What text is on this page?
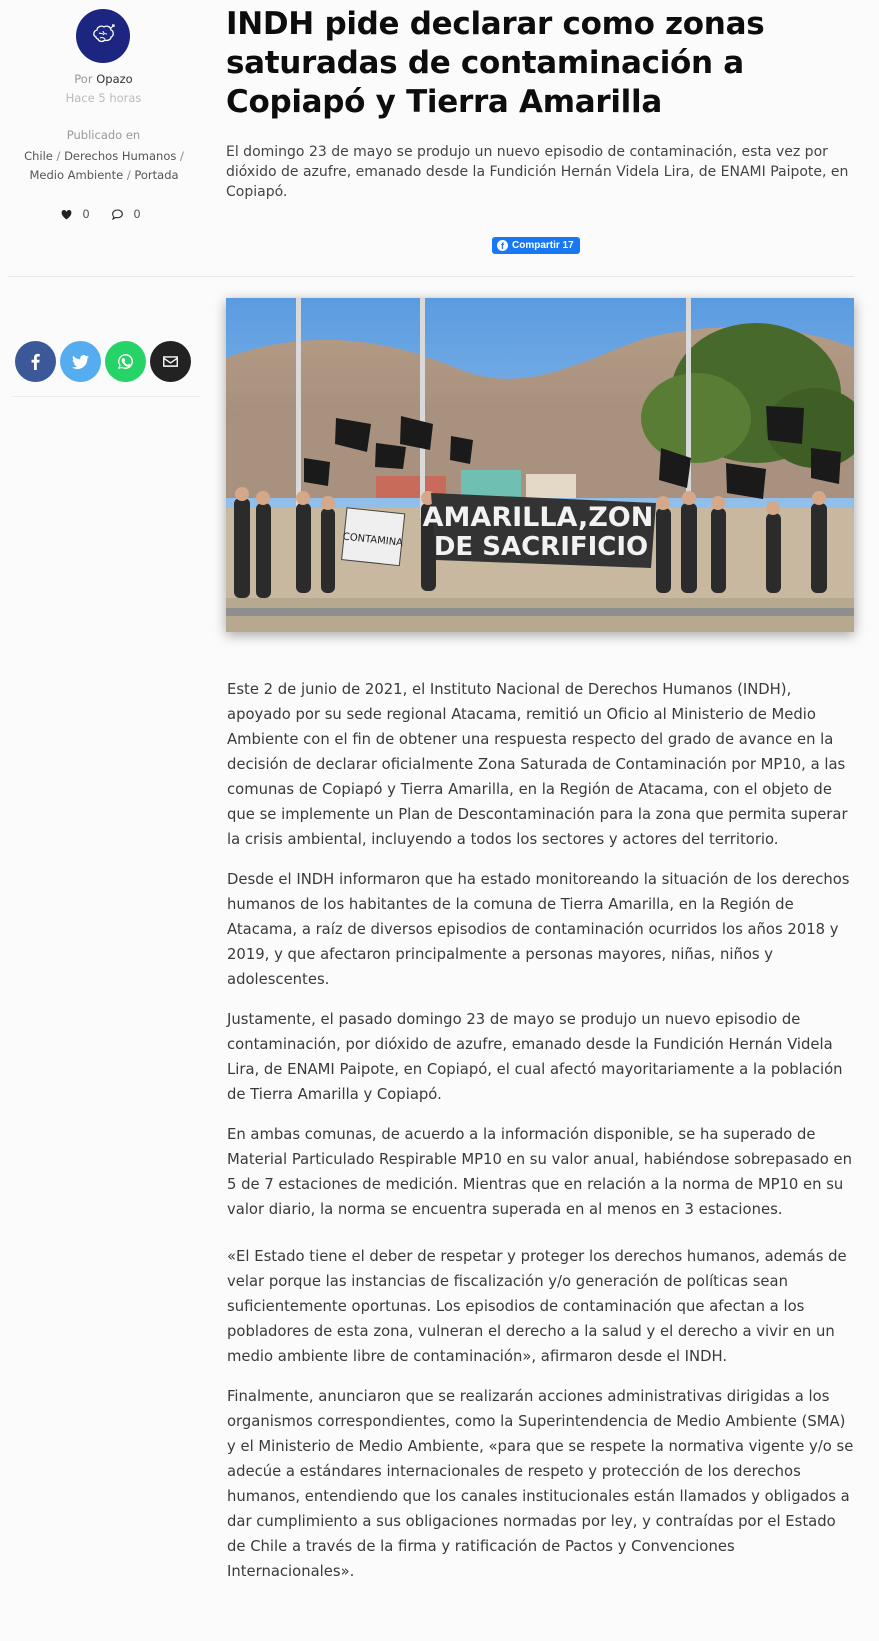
Por Opazo
Hace 5 horas
Publicado en
Chile / Derechos Humanos /
Medio Ambiente / Portada
0
	0
INDH pide declarar como zonas saturadas de contaminación a Copiapó y Tierra Amarilla

El domingo 23 de mayo se produjo un nuevo episodio de contaminación, esta vez por dióxido de azufre, emanado desde la Fundición Hernán Videla Lira, de ENAMI Paipote, en Copiapó.

f Compartir 17
CONTAMINA
AMARILLA,ZON
DE SACRIFICIO

Este 2 de junio de 2021, el Instituto Nacional de Derechos Humanos (INDH), apoyado por su sede regional Atacama, remitió un Oficio al Ministerio de Medio Ambiente con el fin de obtener una respuesta respecto del grado de avance en la decisión de declarar oficialmente Zona Saturada de Contaminación por MP10, a las comunas de Copiapó y Tierra Amarilla, en la Región de Atacama, con el objeto de que se implemente un Plan de Descontaminación para la zona que permita superar la crisis ambiental, incluyendo a todos los sectores y actores del territorio.

Desde el INDH informaron que ha estado monitoreando la situación de los derechos humanos de los habitantes de la comuna de Tierra Amarilla, en la Región de Atacama, a raíz de diversos episodios de contaminación ocurridos los años 2018 y 2019, y que afectaron principalmente a personas mayores, niñas, niños y adolescentes.

Justamente, el pasado domingo 23 de mayo se produjo un nuevo episodio de contaminación, por dióxido de azufre, emanado desde la Fundición Hernán Videla Lira, de ENAMI Paipote, en Copiapó, el cual afectó mayoritariamente a la población de Tierra Amarilla y Copiapó.

En ambas comunas, de acuerdo a la información disponible, se ha superado de Material Particulado Respirable MP10 en su valor anual, habiéndose sobrepasado en 5 de 7 estaciones de medición. Mientras que en relación a la norma de MP10 en su valor diario, la norma se encuentra superada en al menos en 3 estaciones.

«El Estado tiene el deber de respetar y proteger los derechos humanos, además de velar porque las instancias de fiscalización y/o generación de políticas sean suficientemente oportunas. Los episodios de contaminación que afectan a los pobladores de esta zona, vulneran el derecho a la salud y el derecho a vivir en un medio ambiente libre de contaminación», afirmaron desde el INDH.

Finalmente, anunciaron que se realizarán acciones administrativas dirigidas a los organismos correspondientes, como la Superintendencia de Medio Ambiente (SMA) y el Ministerio de Medio Ambiente, «para que se respete la normativa vigente y/o se adecúe a estándares internacionales de respeto y protección de los derechos humanos, entendiendo que los canales institucionales están llamados y obligados a dar cumplimiento a sus obligaciones normadas por ley, y contraídas por el Estado de Chile a través de la firma y ratificación de Pactos y Convenciones Internacionales».
